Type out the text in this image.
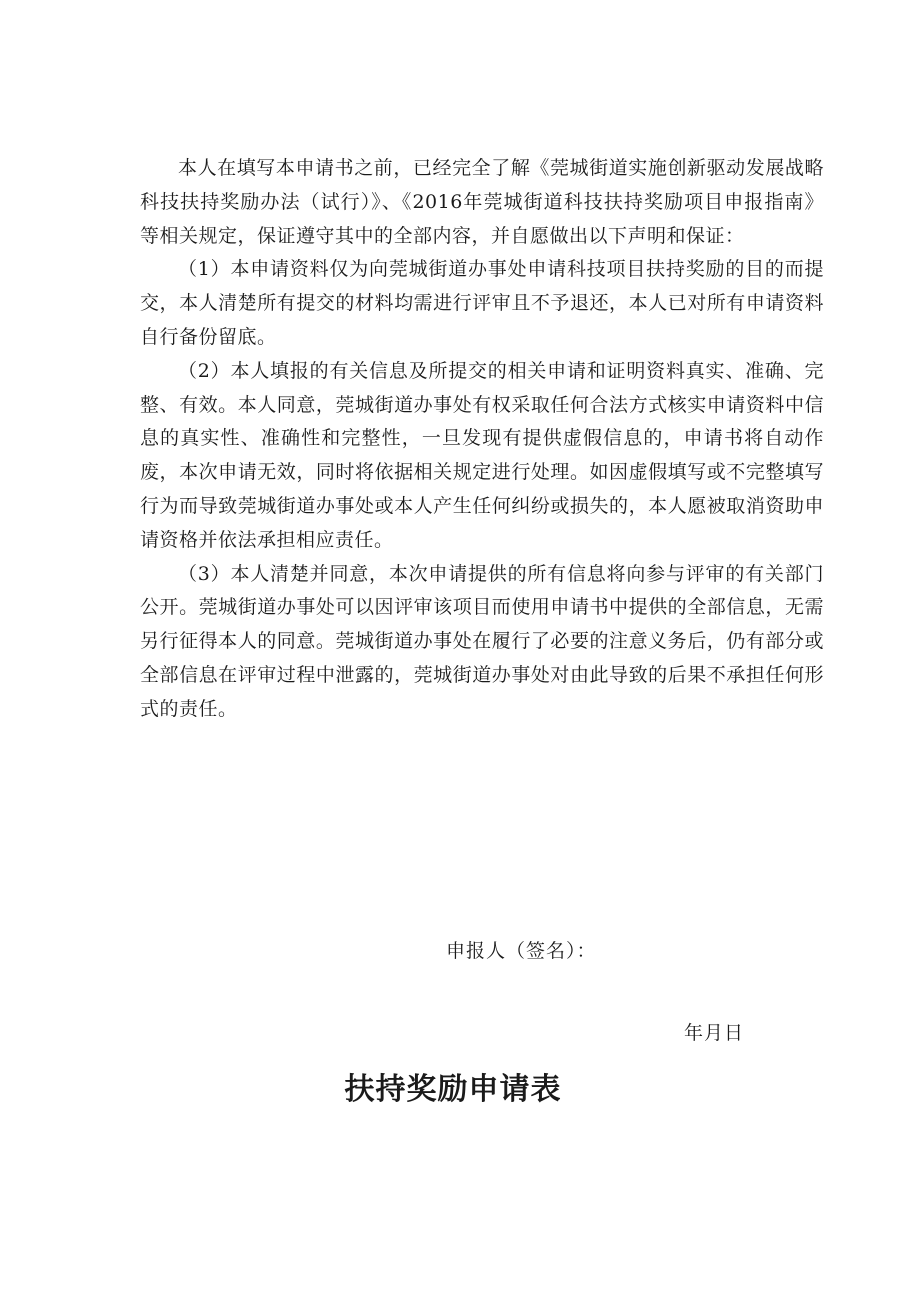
本人在填写本申请书之前，已经完全了解《莞城街道实施创新驱动发展战略科技扶持奖励办法（试行）》、《2016年莞城街道科技扶持奖励项目申报指南》等相关规定，保证遵守其中的全部内容，并自愿做出以下声明和保证：

（1）本申请资料仅为向莞城街道办事处申请科技项目扶持奖励的目的而提交，本人清楚所有提交的材料均需进行评审且不予退还，本人已对所有申请资料自行备份留底。

（2）本人填报的有关信息及所提交的相关申请和证明资料真实、准确、完整、有效。本人同意，莞城街道办事处有权采取任何合法方式核实申请资料中信息的真实性、准确性和完整性，一旦发现有提供虚假信息的，申请书将自动作废，本次申请无效，同时将依据相关规定进行处理。如因虚假填写或不完整填写行为而导致莞城街道办事处或本人产生任何纠纷或损失的，本人愿被取消资助申请资格并依法承担相应责任。

（3）本人清楚并同意，本次申请提供的所有信息将向参与评审的有关部门公开。莞城街道办事处可以因评审该项目而使用申请书中提供的全部信息，无需另行征得本人的同意。莞城街道办事处在履行了必要的注意义务后，仍有部分或全部信息在评审过程中泄露的，莞城街道办事处对由此导致的后果不承担任何形式的责任。

申报人（签名）：
年月日
扶持奖励申请表
